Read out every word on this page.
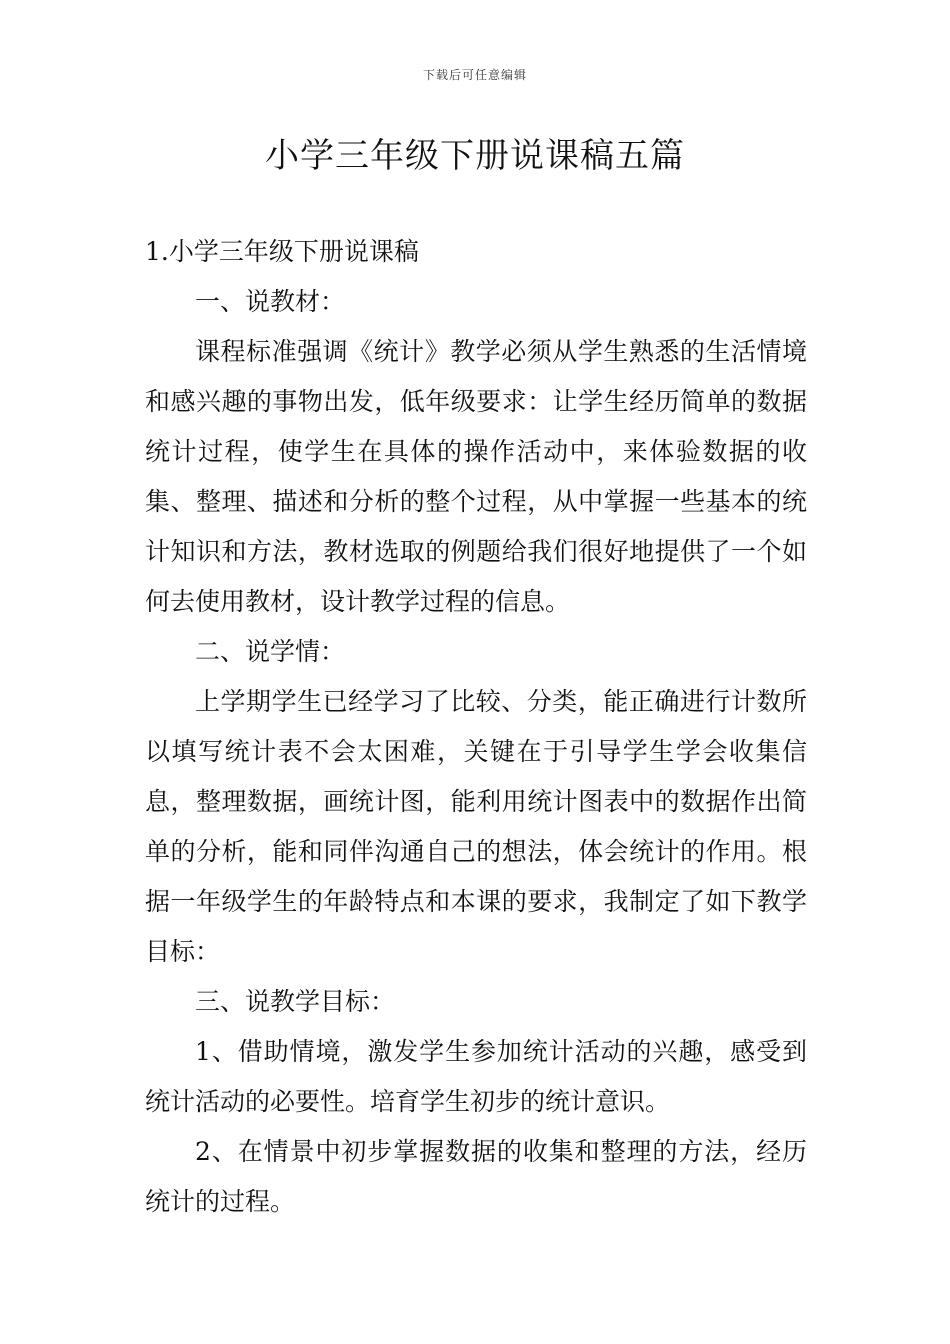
下载后可任意编辑
小学三年级下册说课稿五篇

1.小学三年级下册说课稿

一、说教材：

课程标准强调《统计》教学必须从学生熟悉的生活情境和感兴趣的事物出发，低年级要求：让学生经历简单的数据统计过程，使学生在具体的操作活动中，来体验数据的收集、整理、描述和分析的整个过程，从中掌握一些基本的统计知识和方法，教材选取的例题给我们很好地提供了一个如何去使用教材，设计教学过程的信息。

二、说学情：

上学期学生已经学习了比较、分类，能正确进行计数所以填写统计表不会太困难，关键在于引导学生学会收集信息，整理数据，画统计图，能利用统计图表中的数据作出简单的分析，能和同伴沟通自己的想法，体会统计的作用。根据一年级学生的年龄特点和本课的要求，我制定了如下教学目标：

三、说教学目标：

1、借助情境，激发学生参加统计活动的兴趣，感受到统计活动的必要性。培育学生初步的统计意识。

2、在情景中初步掌握数据的收集和整理的方法，经历统计的过程。
